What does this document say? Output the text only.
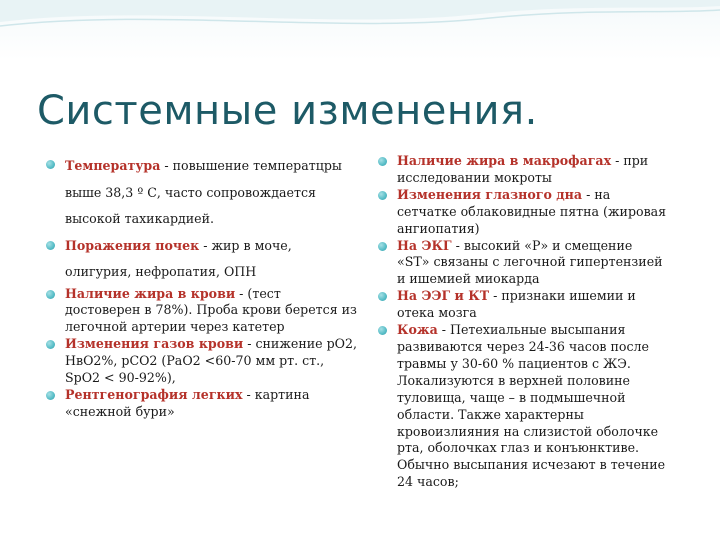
Системные изменения.
Температура - повышение температцры выше 38,3 º С, часто сопровождается высокой тахикардией.
Поражения почек - жир в моче, олигурия, нефропатия, ОПН
Наличие жира в крови - (тест достоверен в 78%). Проба крови берется из легочной артерии через катетер
Изменения газов крови - снижение рО2, НвО2%, рСО2 (РаО2 <60-70 мм рт. ст., SpO2 < 90-92%),
Рентгенография легких - картина «снежной бури»
Наличие жира в макрофагах - при исследовании мокроты
Изменения глазного дна - на сетчатке облаковидные пятна (жировая ангиопатия)
На ЭКГ - высокий «Р» и смещение «ST» связаны с легочной гипертензией и ишемией миокарда
На ЭЭГ и КТ - признаки ишемии и отека мозга
Кожа - Петехиальные высыпания развиваются через 24-36 часов после травмы у 30-60 % пациентов с ЖЭ. Локализуются в верхней половине туловища, чаще – в подмышечной области. Также характерны кровоизлияния на слизистой оболочке рта, оболочках глаз и конъюнктиве. Обычно высыпания исчезают в течение 24 часов;
